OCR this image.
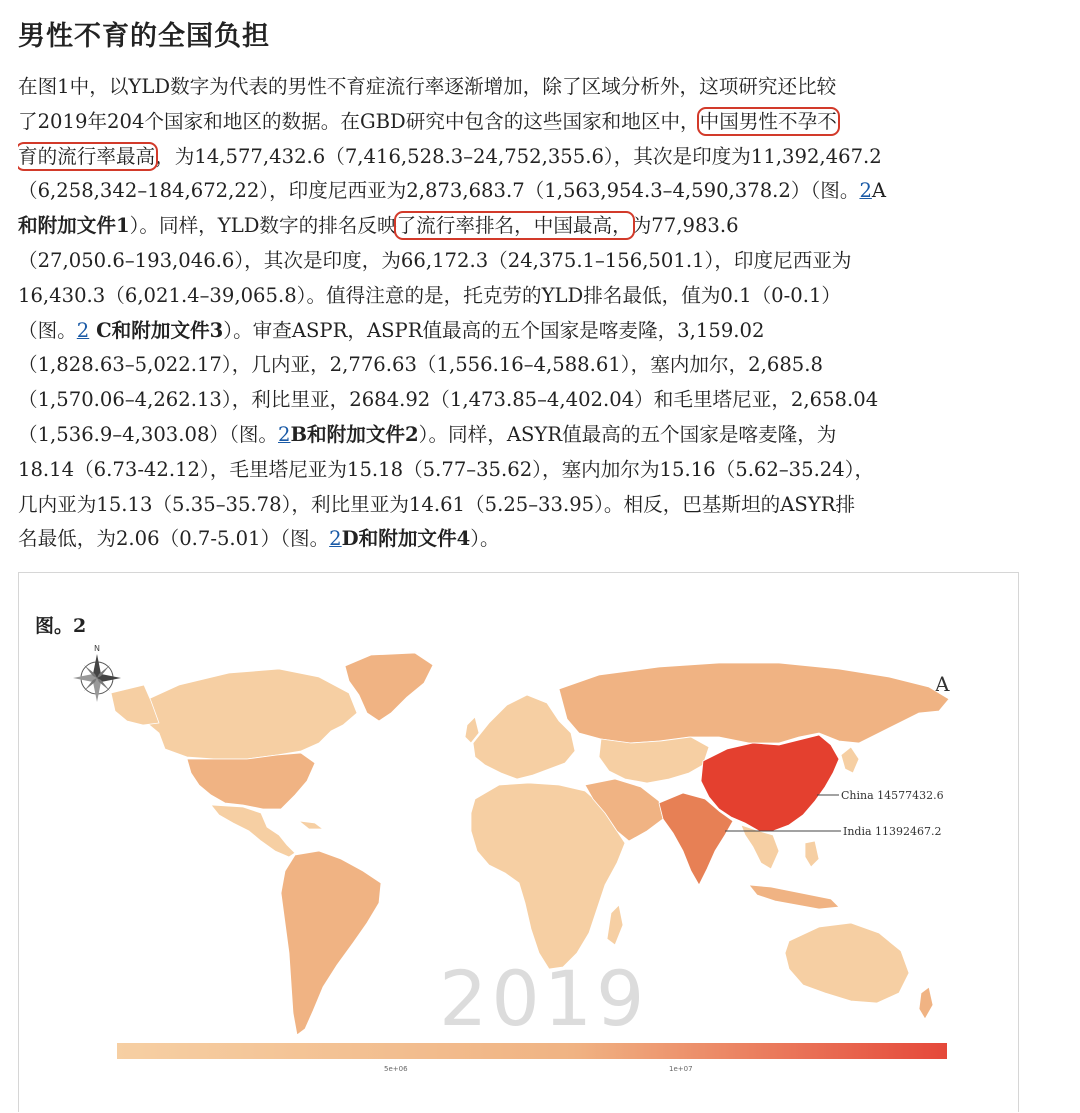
男性不育的全国负担
在图1中，以YLD数字为代表的男性不育症流行率逐渐增加，除了区域分析外，这项研究还比较
了2019年204个国家和地区的数据。在GBD研究中包含的这些国家和地区中，中国男性不孕不
育的流行率最高，为14,577,432.6（7,416,528.3–24,752,355.6），其次是印度为11,392,467.2
（6,258,342–184,672,22），印度尼西亚为2,873,683.7（1,563,954.3–4,590,378.2）（图。2A
和附加文件1）。同样，YLD数字的排名反映了流行率排名，中国最高，为77,983.6
（27,050.6–193,046.6），其次是印度，为66,172.3（24,375.1–156,501.1），印度尼西亚为
16,430.3（6,021.4–39,065.8）。值得注意的是，托克劳的YLD排名最低，值为0.1（0-0.1）
（图。2 C和附加文件3）。审查ASPR，ASPR值最高的五个国家是喀麦隆，3,159.02
（1,828.63–5,022.17），几内亚，2,776.63（1,556.16–4,588.61），塞内加尔，2,685.8
（1,570.06–4,262.13），利比里亚，2684.92（1,473.85–4,402.04）和毛里塔尼亚，2,658.04
（1,536.9–4,303.08）（图。2B和附加文件2）。同样，ASYR值最高的五个国家是喀麦隆，为
18.14（6.73-42.12），毛里塔尼亚为15.18（5.77–35.62），塞内加尔为15.16（5.62–35.24），
几内亚为15.13（5.35–35.78），利比里亚为14.61（5.25–33.95）。相反，巴基斯坦的ASYR排
名最低，为2.06（0.7-5.01）（图。2D和附加文件4）。
图。2
N
A
China 14577432.6
India 11392467.2
2019
5e+06	1e+07
